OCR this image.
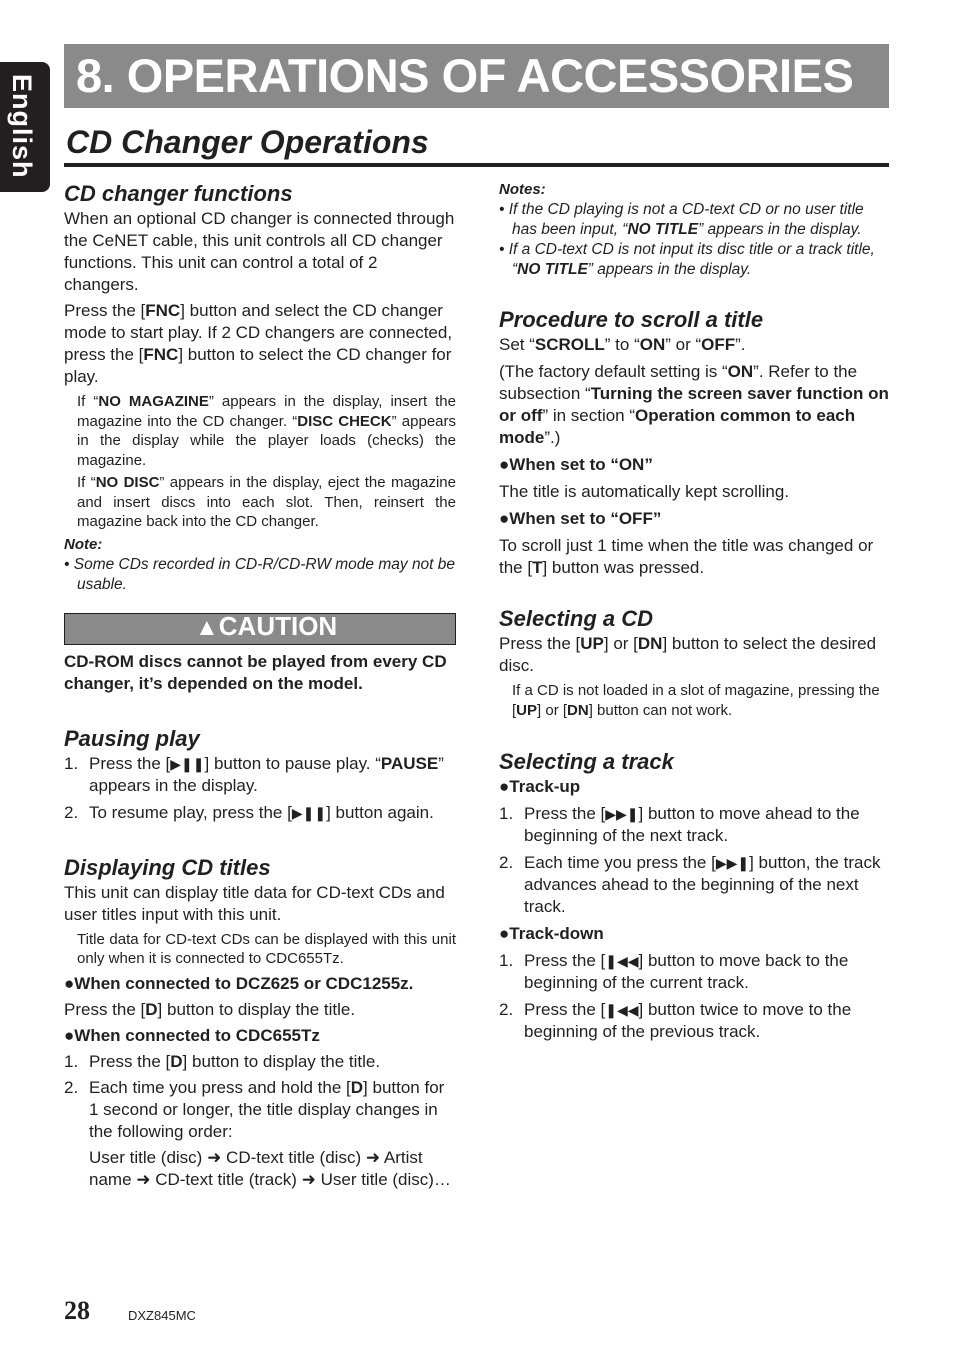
English 8. OPERATIONS OF ACCESSORIES
CD Changer Operations
CD changer functions

When an optional CD changer is connected through the CeNET cable, this unit controls all CD changer functions. This unit can control a total of 2 changers.

Press the [FNC] button and select the CD changer mode to start play. If 2 CD changers are connected, press the [FNC] button to select the CD changer for play.

If “NO MAGAZINE” appears in the display, insert the magazine into the CD changer. “DISC CHECK” appears in the display while the player loads (checks) the magazine.

If “NO DISC” appears in the display, eject the magazine and insert discs into each slot. Then, reinsert the magazine back into the CD changer.

Note:

• Some CDs recorded in CD-R/CD-RW mode may not be usable.

▲CAUTION

CD-ROM discs cannot be played from every CD changer, it’s depended on the model.

Pausing play
1. Press the [▶❚❚] button to pause play. “PAUSE” appears in the display.
2. To resume play, press the [▶❚❚] button again.
Displaying CD titles

This unit can display title data for CD-text CDs and user titles input with this unit.

Title data for CD-text CDs can be displayed with this unit only when it is connected to CDC655Tz.

●When connected to DCZ625 or CDC1255z.

Press the [D] button to display the title.

●When connected to CDC655Tz

1. Press the [D] button to display the title.
2. Each time you press and hold the [D] button for 1 second or longer, the title display changes in the following order:
User title (disc) ➜ CD-text title (disc) ➜ Artist name ➜ CD-text title (track) ➜ User title (disc)…

Notes:

• If the CD playing is not a CD-text CD or no user title has been input, “NO TITLE” appears in the display.

• If a CD-text CD is not input its disc title or a track title, “NO TITLE” appears in the display.

Procedure to scroll a title

Set “SCROLL” to “ON” or “OFF”.

(The factory default setting is “ON”. Refer to the subsection “Turning the screen saver function on or off” in section “Operation common to each mode”.)

●When set to “ON”

The title is automatically kept scrolling.

●When set to “OFF”

To scroll just 1 time when the title was changed or the [T] button was pressed.

Selecting a CD

Press the [UP] or [DN] button to select the desired disc.

If a CD is not loaded in a slot of magazine, pressing the [UP] or [DN] button can not work.

Selecting a track

●Track-up

1. Press the [▶▶❚] button to move ahead to the beginning of the next track.
2. Each time you press the [▶▶❚] button, the track advances ahead to the beginning of the next track.

●Track-down

1. Press the [❚◀◀] button to move back to the beginning of the current track.
2. Press the [❚◀◀] button twice to move to the beginning of the previous track.
28	DXZ845MC
